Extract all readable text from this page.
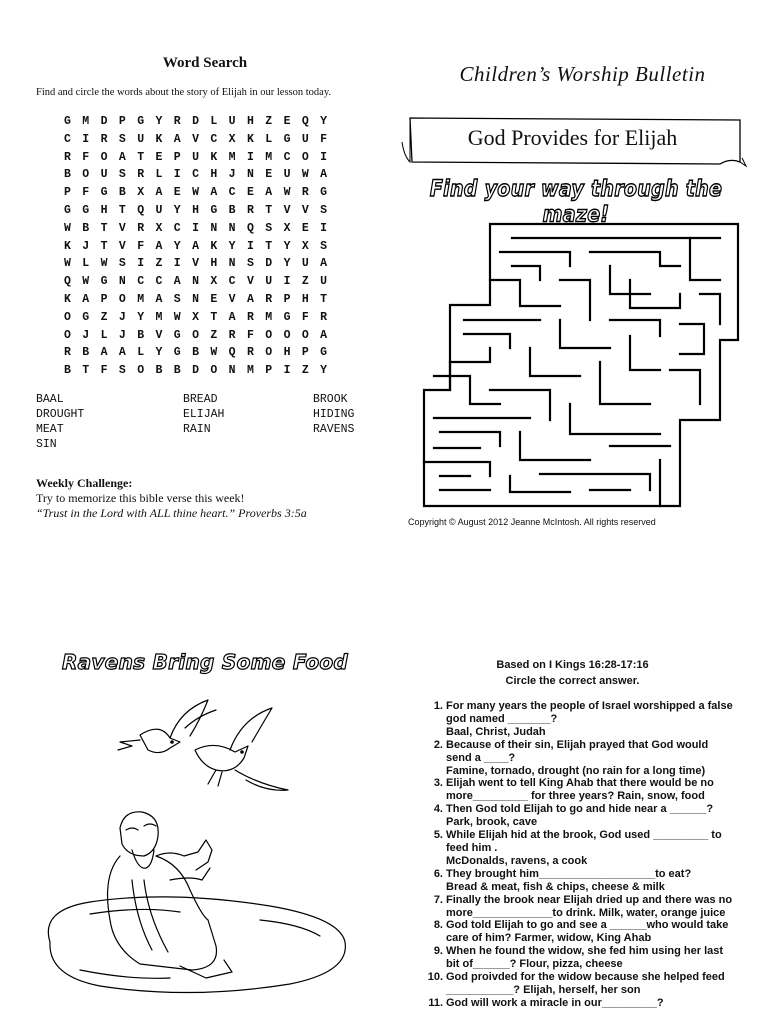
Word Search
Find and circle the words about the story of Elijah in our lesson today.
G M D P G Y R D L U H Z E Q Y
C I R S U K A V C X K L G U F
R F O A T E P U K M I M C O I
B O U S R L I C H J N E U W A
P F G B X A E W A C E A W R G
G G H T Q U Y H G B R T V V S
W B T V R X C I N N Q S X E I
K J T V F A Y A K Y I T Y X S
W L W S I Z I V H N S D Y U A
Q W G N C C A N X C V U I Z U
K A P O M A S N E V A R P H T
O G Z J Y M W X T A R M G F R
O J L J B V G O Z R F O O O A
R B A A L Y G B W Q R O H P G
B T F S O B B D O N M P I Z Y
BAAL	BREAD	BROOK
DROUGHT	ELIJAH	HIDING
MEAT	RAIN	RAVENS
SIN
Weekly Challenge:
Try to memorize this bible verse this week!
“Trust in the Lord with ALL thine heart.” Proverbs 3:5a
Children’s Worship Bulletin
God Provides for Elijah
Find your way through the maze!
Copyright © August 2012 Jeanne McIntosh. All rights reserved
Ravens Bring Some Food	Based on I Kings 16:28-17:16
Circle the correct answer.
1. For many years the people of Israel worshipped a false
god named _______?
Baal, Christ, Judah
2. Because of their sin, Elijah prayed that God would
send a ____?
Famine, tornado, drought (no rain for a long time)
3. Elijah went to tell King Ahab that there would be no
more_________ for three years? Rain, snow, food
4. Then God told Elijah to go and hide near a ______?
Park, brook, cave
5. While Elijah hid at the brook, God used _________ to
feed him .
McDonalds, ravens, a cook
6. They brought him___________________to eat?
Bread & meat, fish & chips, cheese & milk
7. Finally the brook near Elijah dried up and there was no
more_____________to drink. Milk, water, orange juice
8. God told Elijah to go and see a ______who would take
care of him? Farmer, widow, King Ahab
9. When he found the widow, she fed him using her last
bit of______? Flour, pizza, cheese
10. God proivded for the widow because she helped feed
___________? Elijah, herself, her son
11. God will work a miracle in our_________?
